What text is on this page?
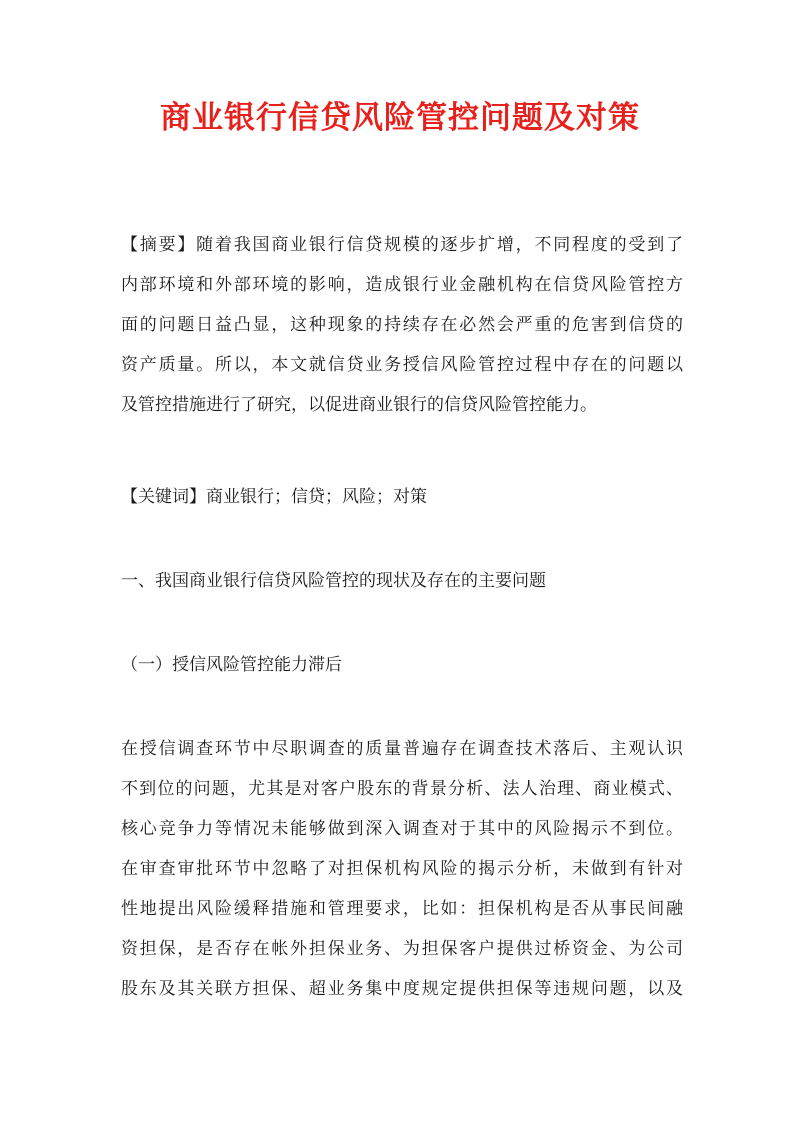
商业银行信贷风险管控问题及对策
【摘要】随着我国商业银行信贷规模的逐步扩增，不同程度的受到了
内部环境和外部环境的影响，造成银行业金融机构在信贷风险管控方
面的问题日益凸显，这种现象的持续存在必然会严重的危害到信贷的
资产质量。所以，本文就信贷业务授信风险管控过程中存在的问题以
及管控措施进行了研究，以促进商业银行的信贷风险管控能力。

【关键词】商业银行；信贷；风险；对策

一、我国商业银行信贷风险管控的现状及存在的主要问题

（一）授信风险管控能力滞后

在授信调查环节中尽职调查的质量普遍存在调查技术落后、主观认识
不到位的问题，尤其是对客户股东的背景分析、法人治理、商业模式、
核心竞争力等情况未能够做到深入调查对于其中的风险揭示不到位。
在审查审批环节中忽略了对担保机构风险的揭示分析，未做到有针对
性地提出风险缓释措施和管理要求，比如：担保机构是否从事民间融
资担保，是否存在帐外担保业务、为担保客户提供过桥资金、为公司
股东及其关联方担保、超业务集中度规定提供担保等违规问题，以及
